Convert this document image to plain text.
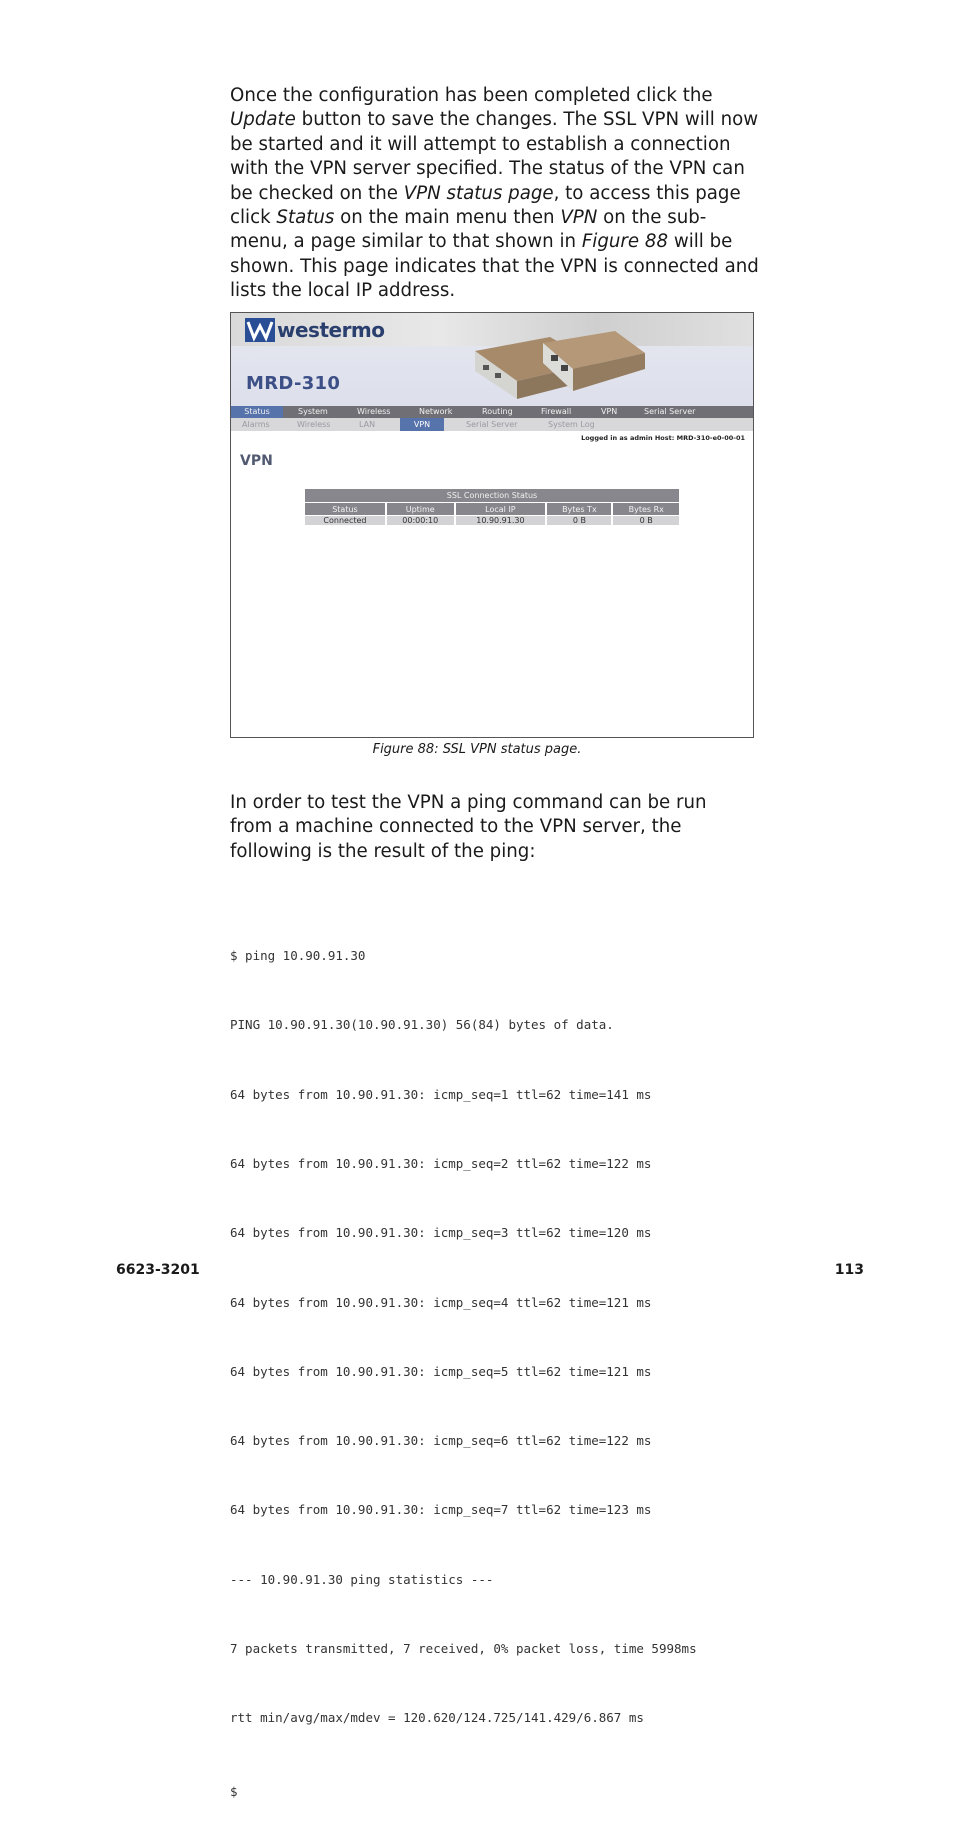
Once the configuration has been completed click the Update button to save the changes. The SSL VPN will now be started and it will attempt to establish a connection with the VPN server specified. The status of the VPN can be checked on the VPN status page, to access this page click Status on the main menu then VPN on the sub-menu, a page similar to that shown in Figure 88 will be shown. This page indicates that the VPN is connected and lists the local IP address.

westermo
MRD-310
Status	System	Wireless	Network	Routing	Firewall	VPN	Serial Server
Alarms	Wireless	LAN	VPN	Serial Server	System Log
Logged in as admin Host: MRD-310-e0-00-01
VPN
SSL Connection Status				
Status	Uptime	Local IP	Bytes Tx	Bytes Rx
Connected	00:00:10	10.90.91.30	0 B	0 B
Figure 88: SSL VPN status page.

In order to test the VPN a ping command can be run from a machine connected to the VPN server, the following is the result of the ping:

$ ping 10.90.91.30

PING 10.90.91.30(10.90.91.30) 56(84) bytes of data.

64 bytes from 10.90.91.30: icmp_seq=1 ttl=62 time=141 ms

64 bytes from 10.90.91.30: icmp_seq=2 ttl=62 time=122 ms

64 bytes from 10.90.91.30: icmp_seq=3 ttl=62 time=120 ms

64 bytes from 10.90.91.30: icmp_seq=4 ttl=62 time=121 ms

64 bytes from 10.90.91.30: icmp_seq=5 ttl=62 time=121 ms

64 bytes from 10.90.91.30: icmp_seq=6 ttl=62 time=122 ms

64 bytes from 10.90.91.30: icmp_seq=7 ttl=62 time=123 ms

--- 10.90.91.30 ping statistics ---

7 packets transmitted, 7 received, 0% packet loss, time 5998ms

rtt min/avg/max/mdev = 120.620/124.725/141.429/6.867 ms

$

6623-3201	113
